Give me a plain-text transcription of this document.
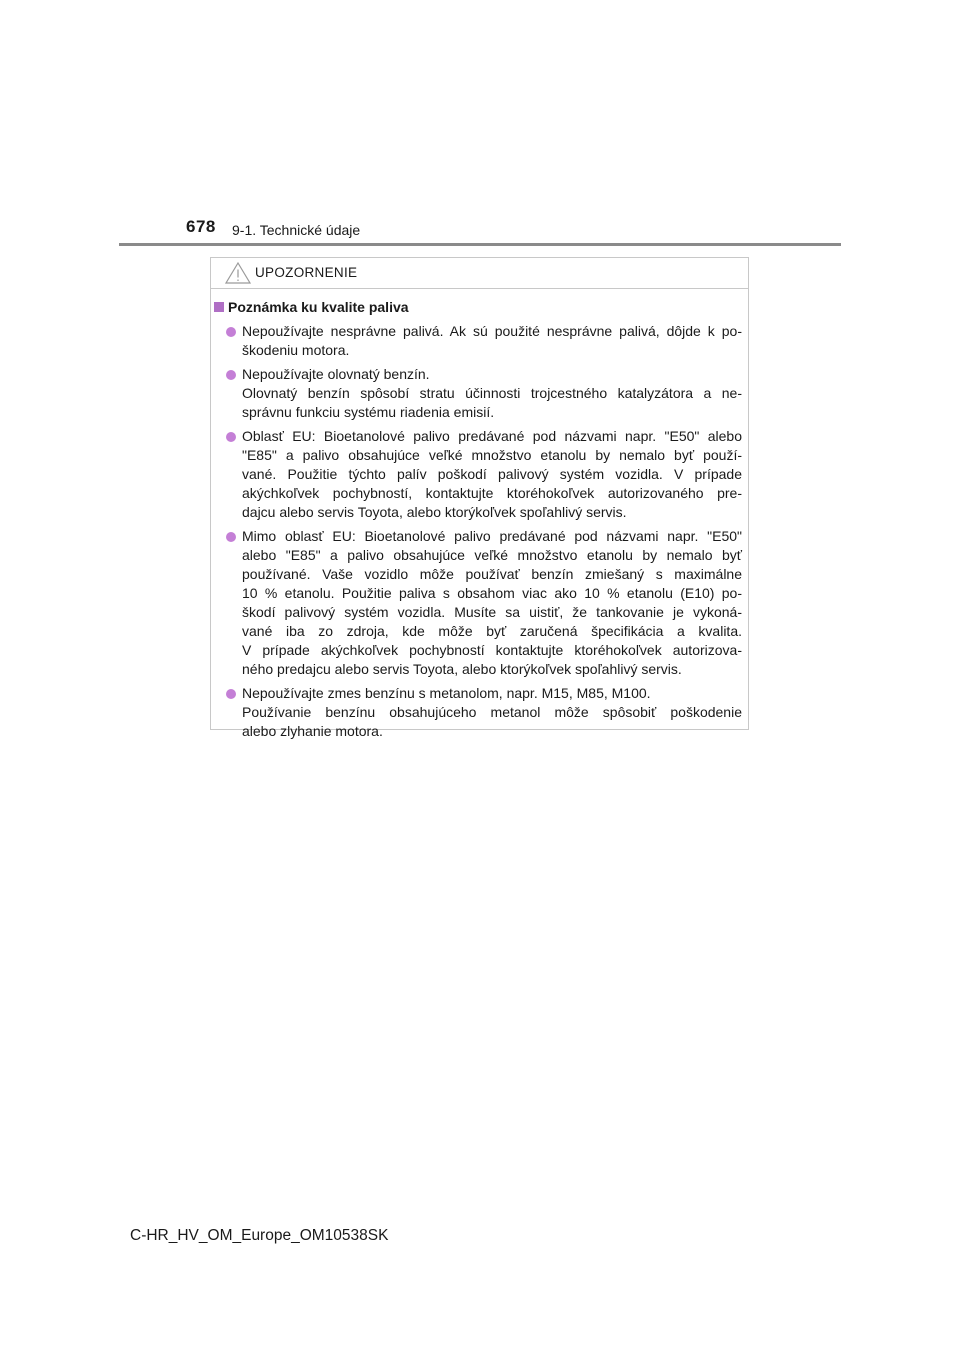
678 9-1. Technické údaje
UPOZORNENIE
Poznámka ku kvalite paliva
Nepoužívajte nesprávne palivá. Ak sú použité nesprávne palivá, dôjde k po-
škodeniu motora.
Nepoužívajte olovnatý benzín.
Olovnatý benzín spôsobí stratu účinnosti trojcestného katalyzátora a ne-
správnu funkciu systému riadenia emisií.
Oblasť EU: Bioetanolové palivo predávané pod názvami napr. "E50" alebo
"E85" a palivo obsahujúce veľké množstvo etanolu by nemalo byť použí-
vané. Použitie týchto palív poškodí palivový systém vozidla. V prípade
akýchkoľvek pochybností, kontaktujte ktoréhokoľvek autorizovaného pre-
dajcu alebo servis Toyota, alebo ktorýkoľvek spoľahlivý servis.
Mimo oblasť EU: Bioetanolové palivo predávané pod názvami napr. "E50"
alebo "E85" a palivo obsahujúce veľké množstvo etanolu by nemalo byť
používané. Vaše vozidlo môže používať benzín zmiešaný s maximálne
10 % etanolu. Použitie paliva s obsahom viac ako 10 % etanolu (E10) po-
škodí palivový systém vozidla. Musíte sa uistiť, že tankovanie je vykoná-
vané iba zo zdroja, kde môže byť zaručená špecifikácia a kvalita.
V prípade akýchkoľvek pochybností kontaktujte ktoréhokoľvek autorizova-
ného predajcu alebo servis Toyota, alebo ktorýkoľvek spoľahlivý servis.
Nepoužívajte zmes benzínu s metanolom, napr. M15, M85, M100.
Používanie benzínu obsahujúceho metanol môže spôsobiť poškodenie
alebo zlyhanie motora.
C-HR_HV_OM_Europe_OM10538SK
